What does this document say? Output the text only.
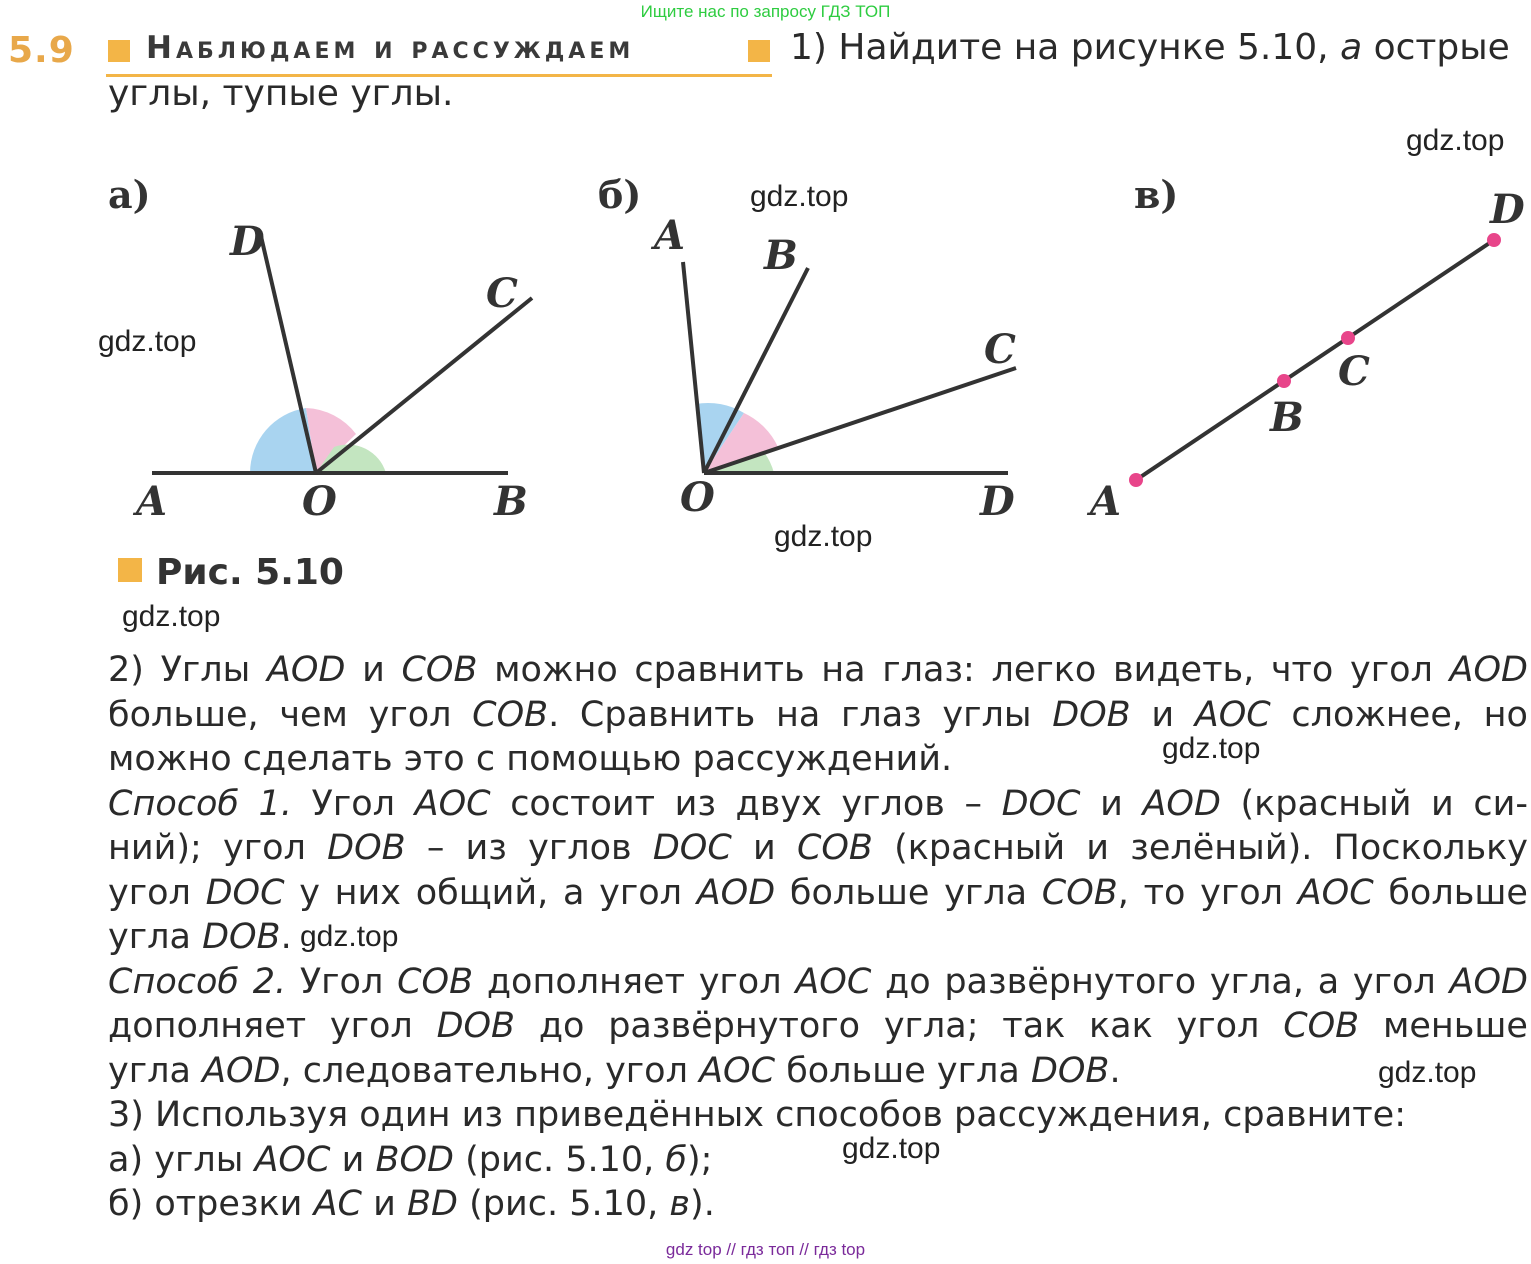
Ищите нас по запросу ГДЗ ТОП
gdz top // гдз топ // гдз top
5.9 Наблюдаем и рассуждаем	1) Найдите на рисунке 5.10, а острые
углы, тупые углы.
а)	б)	в)
D
C
A	O	B
A B
C
O	D A
B
C
D
Рис. 5.10
gdz.top
gdz.top
gdz.top
gdz.top
gdz.top
gdz.top
gdz.top
gdz.top
gdz.top
2) Углы AOD и COB можно сравнить на глаз: легко видеть, что угол AOD
больше, чем угол COB. Сравнить на глаз углы DOB и AOC сложнее, но
можно сделать это с помощью рассуждений.
Способ 1. Угол AOC состоит из двух углов – DOC и AOD (красный и си-
ний); угол DOB – из углов DOC и COB (красный и зелёный). Поскольку
угол DOC у них общий, а угол AOD больше угла COB, то угол AOC больше
угла DOB.
Способ 2. Угол COB дополняет угол AOC до развёрнутого угла, а угол AOD
дополняет угол DOB до развёрнутого угла; так как угол COB меньше
угла AOD, следовательно, угол AOC больше угла DOB.
3) Используя один из приведённых способов рассуждения, сравните:
а) углы AOC и BOD (рис. 5.10, б);
б) отрезки AC и BD (рис. 5.10, в).
